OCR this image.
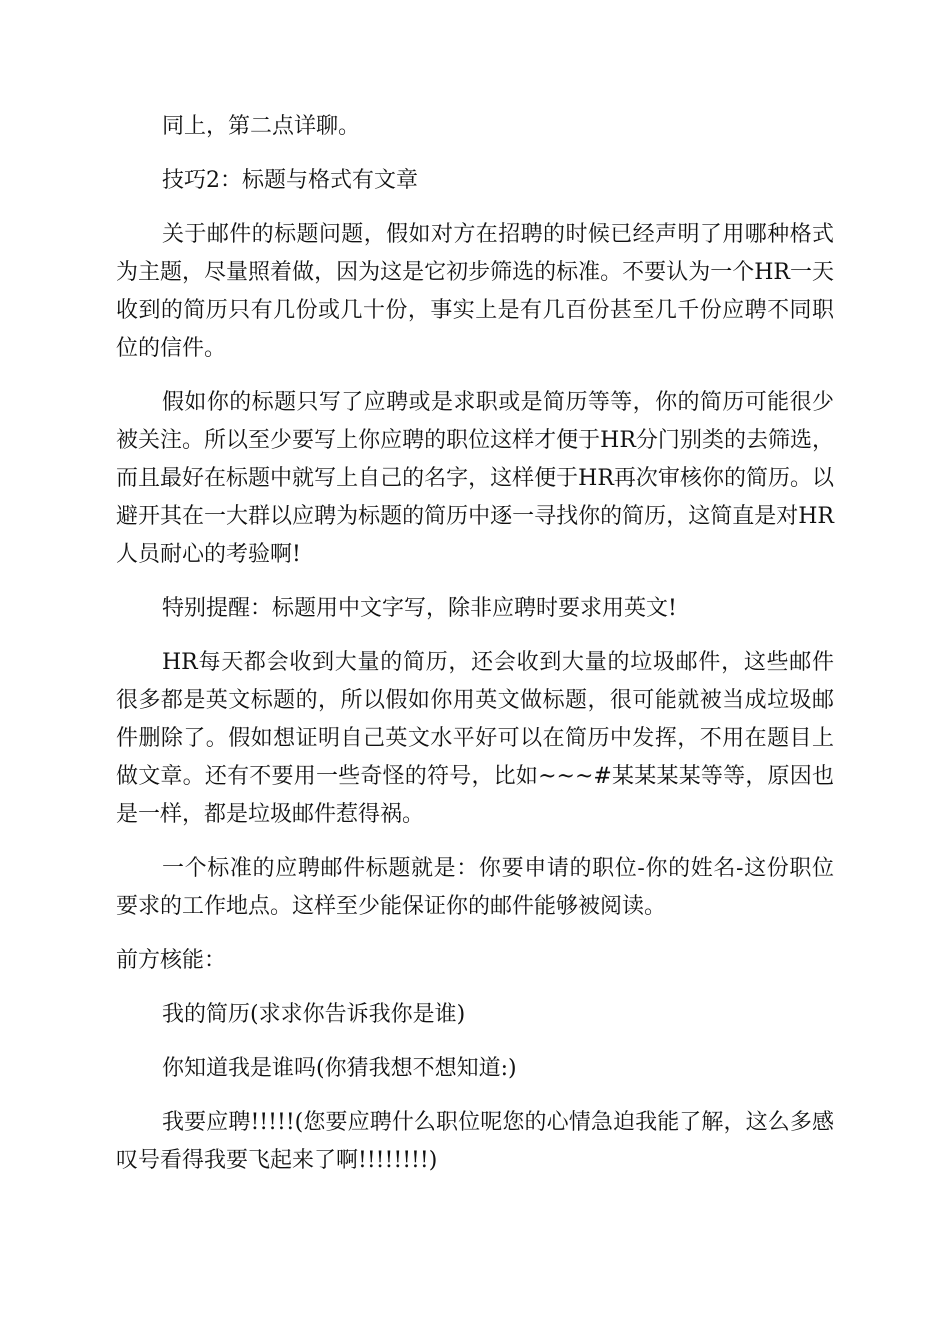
同上，第二点详聊。

技巧2：标题与格式有文章

关于邮件的标题问题，假如对方在招聘的时候已经声明了用哪种格式为主题，尽量照着做，因为这是它初步筛选的标准。不要认为一个HR一天收到的简历只有几份或几十份，事实上是有几百份甚至几千份应聘不同职位的信件。

假如你的标题只写了应聘或是求职或是简历等等，你的简历可能很少被关注。所以至少要写上你应聘的职位这样才便于HR分门别类的去筛选，而且最好在标题中就写上自己的名字，这样便于HR再次审核你的简历。以避开其在一大群以应聘为标题的简历中逐一寻找你的简历，这简直是对HR人员耐心的考验啊!

特别提醒：标题用中文字写，除非应聘时要求用英文!

HR每天都会收到大量的简历，还会收到大量的垃圾邮件，这些邮件很多都是英文标题的，所以假如你用英文做标题，很可能就被当成垃圾邮件删除了。假如想证明自己英文水平好可以在简历中发挥，不用在题目上做文章。还有不要用一些奇怪的符号，比如~~~#某某某某等等，原因也是一样，都是垃圾邮件惹得祸。

一个标准的应聘邮件标题就是：你要申请的职位-你的姓名-这份职位要求的工作地点。这样至少能保证你的邮件能够被阅读。

前方核能：

我的简历(求求你告诉我你是谁)

你知道我是谁吗(你猜我想不想知道:)

我要应聘!!!!!(您要应聘什么职位呢您的心情急迫我能了解，这么多感叹号看得我要飞起来了啊!!!!!!!!)
